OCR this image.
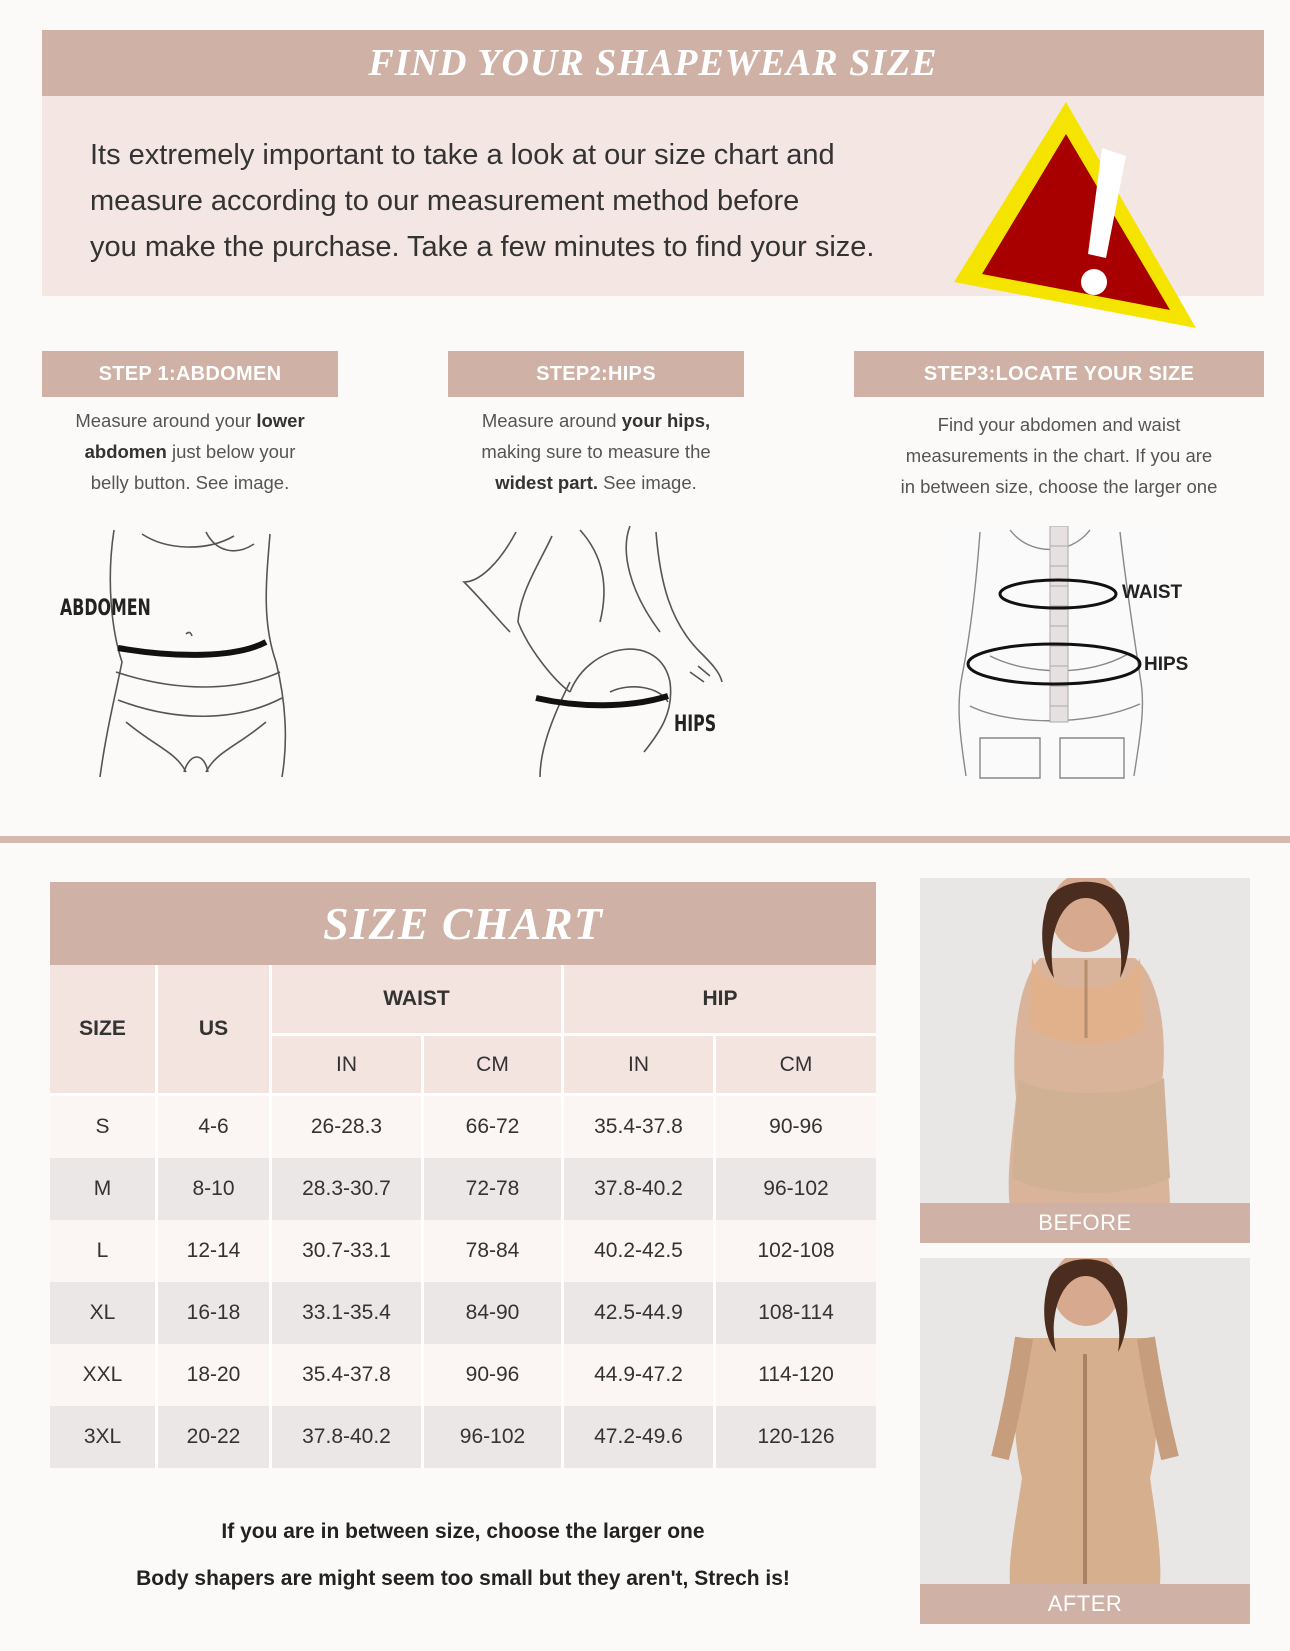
FIND YOUR SHAPEWEAR SIZE
Its extremely important to take a look at our size chart and
measure according to our measurement method before
you make the purchase. Take a few minutes to find your size.
STEP 1:ABDOMEN
Measure around your lower
abdomen just below your
belly button. See image.
ABDOMEN
STEP2:HIPS
Measure around your hips,
making sure to measure the
widest part. See image.
HIPS
STEP3:LOCATE YOUR SIZE
Find your abdomen and waist
measurements in the chart. If you are
in between size, choose the larger one
WAIST
HIPS
SIZE CHART
SIZE	US	WAIST		HIP	
		IN	CM	IN	CM
S	4-6	26-28.3	66-72	35.4-37.8	90-96
M	8-10	28.3-30.7	72-78	37.8-40.2	96-102
L	12-14	30.7-33.1	78-84	40.2-42.5	102-108
XL	16-18	33.1-35.4	84-90	42.5-44.9	108-114
XXL	18-20	35.4-37.8	90-96	44.9-47.2	114-120
3XL	20-22	37.8-40.2	96-102	47.2-49.6	120-126
If you are in between size, choose the larger one
Body shapers are might seem too small but they aren't, Strech is!
BEFORE
AFTER
